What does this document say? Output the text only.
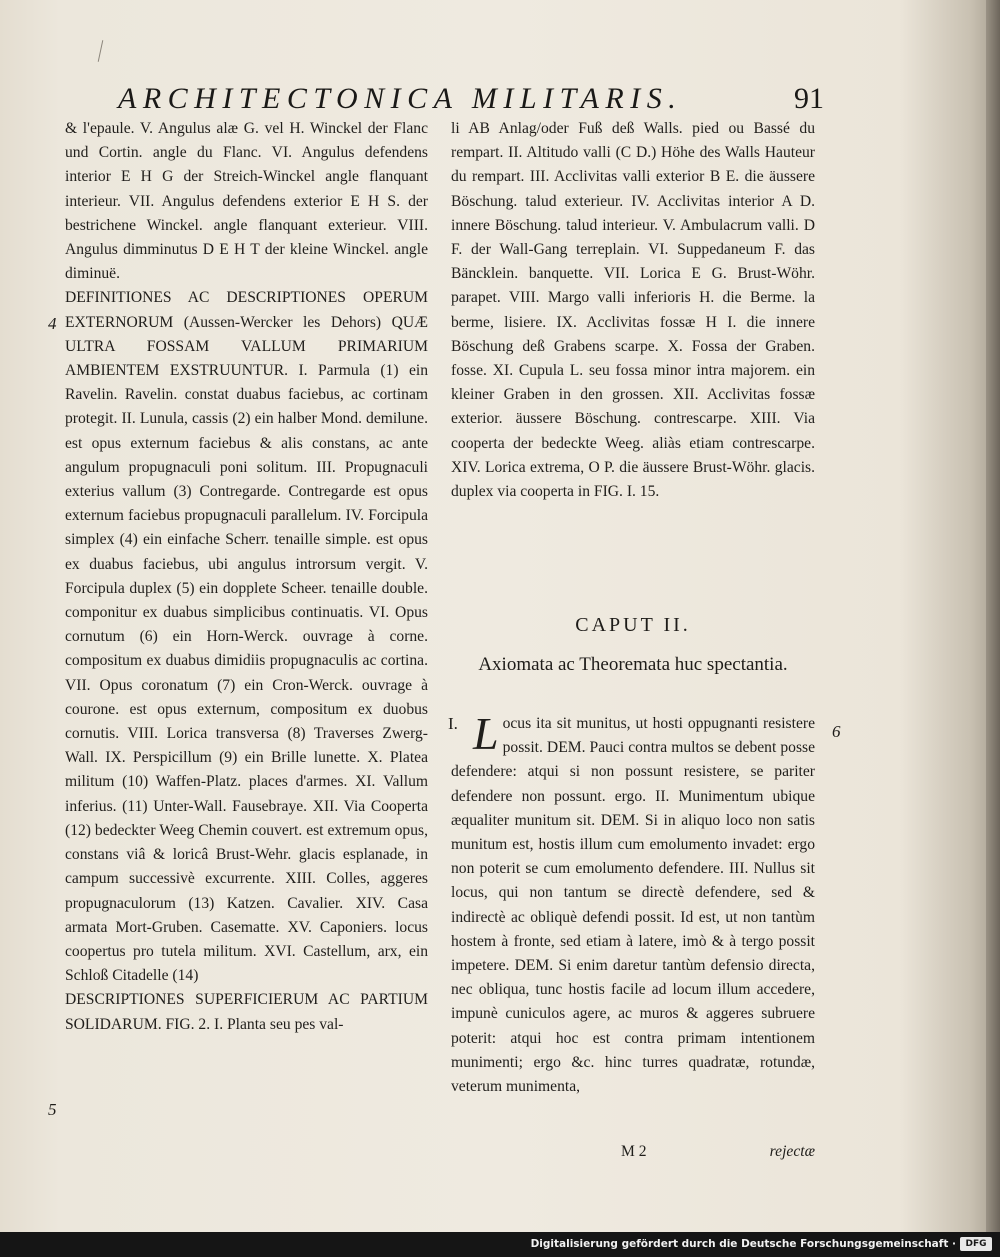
ARCHITECTONICA MILITARIS.	91

& l'epaule. V. Angulus alæ G. vel H. Winckel der Flanc und Cortin. angle du Flanc. VI. Angulus defendens interior E H G der Streich-Winckel angle flanquant interieur. VII. Angulus defendens exterior E H S. der bestrichene Winckel. angle flanquant exterieur. VIII. Angulus dimminutus D E H T der kleine Winckel. angle diminuë.

DEFINITIONES AC DESCRIPTIONES OPERUM EXTERNORUM (Aussen-Wercker les Dehors) QUÆ ULTRA FOSSAM VALLUM PRIMARIUM AMBIENTEM EXSTRUUNTUR. I. Parmula (1) ein Ravelin. Ravelin. constat duabus faciebus, ac cortinam protegit. II. Lunula, cassis (2) ein halber Mond. demilune. est opus externum faciebus & alis constans, ac ante angulum propugnaculi poni solitum. III. Propugnaculi exterius vallum (3) Contregarde. Contregarde est opus externum faciebus propugnaculi parallelum. IV. Forcipula simplex (4) ein einfache Scherr. tenaille simple. est opus ex duabus faciebus, ubi angulus introrsum vergit. V. Forcipula duplex (5) ein dopplete Scheer. tenaille double. componitur ex duabus simplicibus continuatis. VI. Opus cornutum (6) ein Horn-Werck. ouvrage à corne. compositum ex duabus dimidiis propugnaculis ac cortina. VII. Opus coronatum (7) ein Cron-Werck. ouvrage à courone. est opus externum, compositum ex duobus cornutis. VIII. Lorica transversa (8) Traverses Zwerg-Wall. IX. Perspicillum (9) ein Brille lunette. X. Platea militum (10) Waffen-Platz. places d'armes. XI. Vallum inferius. (11) Unter-Wall. Fausebraye. XII. Via Cooperta (12) bedeckter Weeg Chemin couvert. est extremum opus, constans viâ & loricâ Brust-Wehr. glacis esplanade, in campum successivè excurrente. XIII. Colles, aggeres propugnaculorum (13) Katzen. Cavalier. XIV. Casa armata Mort-Gruben. Casematte. XV. Caponiers. locus coopertus pro tutela militum. XVI. Castellum, arx, ein Schloß Citadelle (14)

DESCRIPTIONES SUPERFICIERUM AC PARTIUM SOLIDARUM. FIG. 2. I. Planta seu pes val-

4
5

li AB Anlag/oder Fuß deß Walls. pied ou Bassé du rempart. II. Altitudo valli (C D.) Höhe des Walls Hauteur du rempart. III. Acclivitas valli exterior B E. die äussere Böschung. talud exterieur. IV. Acclivitas interior A D. innere Böschung. talud interieur. V. Ambulacrum valli. D F. der Wall-Gang terreplain. VI. Suppedaneum F. das Bäncklein. banquette. VII. Lorica E G. Brust-Wöhr. parapet. VIII. Margo valli inferioris H. die Berme. la berme, lisiere. IX. Acclivitas fossæ H I. die innere Böschung deß Grabens scarpe. X. Fossa der Graben. fosse. XI. Cupula L. seu fossa minor intra majorem. ein kleiner Graben in den grossen. XII. Acclivitas fossæ exterior. äussere Böschung. contrescarpe. XIII. Via cooperta der bedeckte Weeg. aliàs etiam contrescarpe. XIV. Lorica extrema, O P. die äussere Brust-Wöhr. glacis. duplex via cooperta in FIG. I. 15.

CAPUT II.
Axiomata ac Theoremata huc spectantia.
I. L ocus ita sit munitus, ut hosti oppugnanti resistere possit. DEM. Pauci contra multos se debent posse defendere: atqui si non possunt resistere, se pariter defendere non possunt. ergo. II. Munimentum ubique æqualiter munitum sit. DEM. Si in aliquo loco non satis munitum est, hostis illum cum emolumento invadet: ergo non poterit se cum emolumento defendere. III. Nullus sit locus, qui non tantum se directè defendere, sed & indirectè ac obliquè defendi possit. Id est, ut non tantùm hostem à fronte, sed etiam à latere, imò & à tergo possit impetere. DEM. Si enim daretur tantùm defensio directa, nec obliqua, tunc hostis facile ad locum illum accedere, impunè cuniculos agere, ac muros & aggeres subruere poterit: atqui hoc est contra primam intentionem munimenti; ergo &c. hinc turres quadratæ, rotundæ, veterum munimenta,
6
M 2	rejectæ
Digitalisierung gefördert durch die Deutsche Forschungsgemeinschaft ·	DFG
